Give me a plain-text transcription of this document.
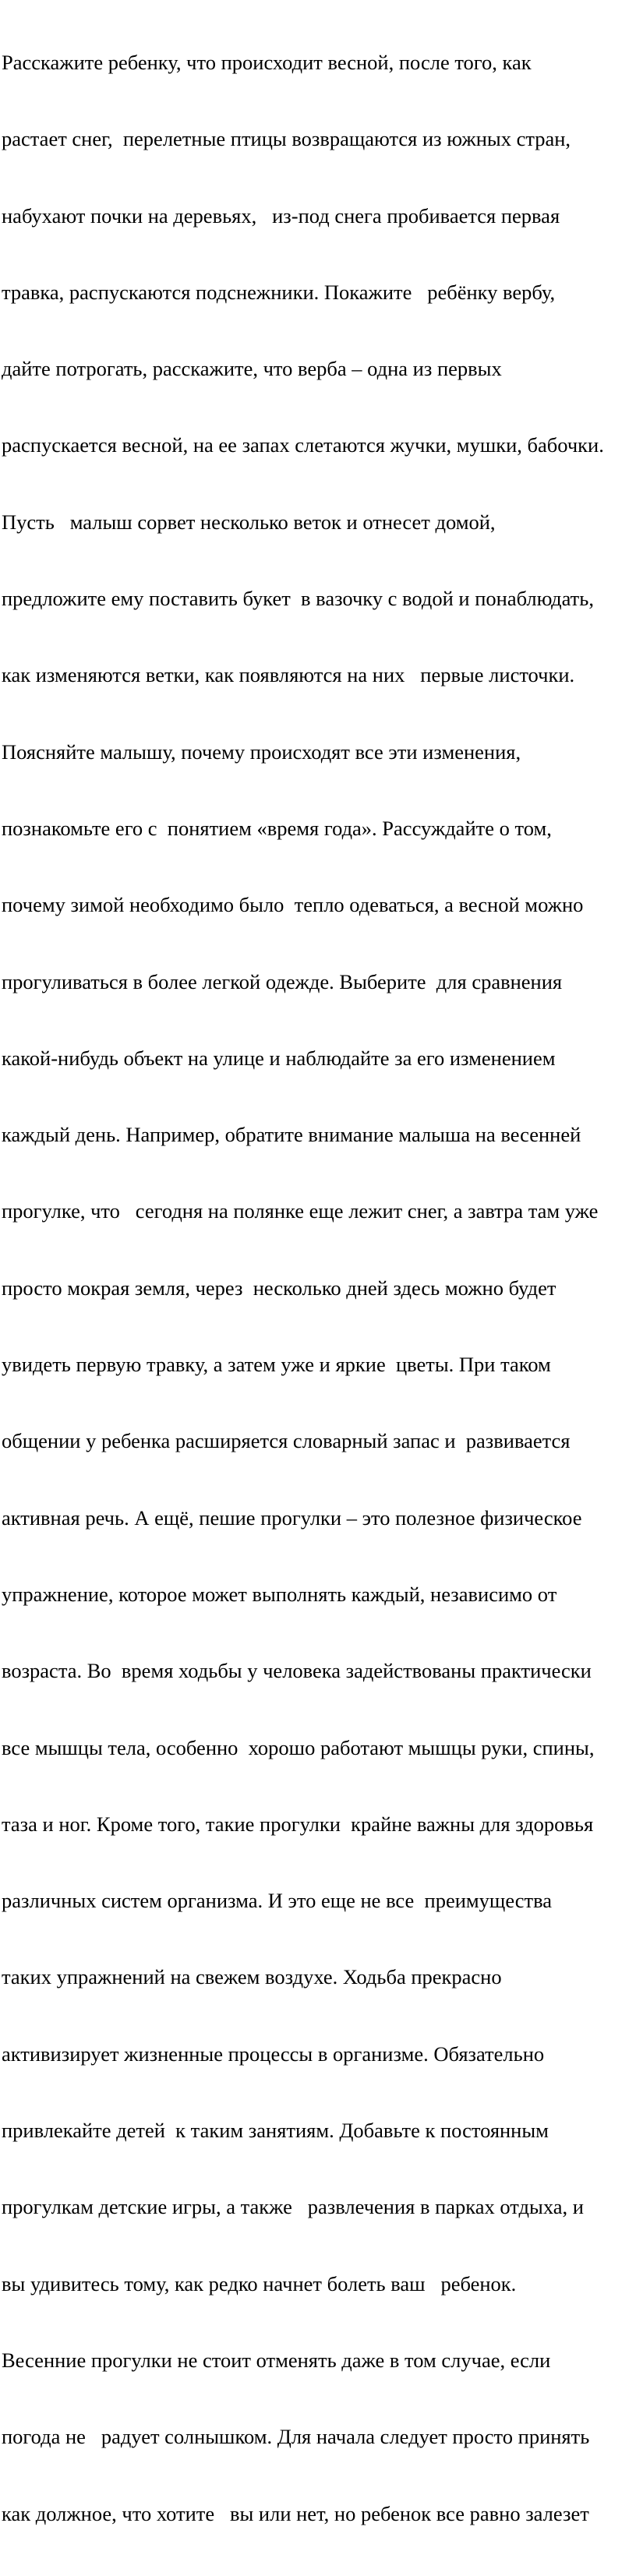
Расскажите ребенку, что происходит весной, после того, как

растает снег,  перелетные птицы возвращаются из южных стран,

набухают почки на деревьях,   из-под снега пробивается первая

травка, распускаются подснежники. Покажите   ребёнку вербу,

дайте потрогать, расскажите, что верба – одна из первых

распускается весной, на ее запах слетаются жучки, мушки, бабочки.

Пусть   малыш сорвет несколько веток и отнесет домой,

предложите ему поставить букет  в вазочку с водой и понаблюдать,

как изменяются ветки, как появляются на них   первые листочки.

Поясняйте малышу, почему происходят все эти изменения,

познакомьте его с  понятием «время года». Рассуждайте о том,

почему зимой необходимо было  тепло одеваться, а весной можно

прогуливаться в более легкой одежде. Выберите  для сравнения

какой-нибудь объект на улице и наблюдайте за его изменением

каждый день. Например, обратите внимание малыша на весенней

прогулке, что   сегодня на полянке еще лежит снег, а завтра там уже

просто мокрая земля, через  несколько дней здесь можно будет

увидеть первую травку, а затем уже и яркие  цветы. При таком

общении у ребенка расширяется словарный запас и  развивается

активная речь. А ещё, пешие прогулки – это полезное физическое

упражнение, которое может выполнять каждый, независимо от

возраста. Во  время ходьбы у человека задействованы практически

все мышцы тела, особенно  хорошо работают мышцы руки, спины,

таза и ног. Кроме того, такие прогулки  крайне важны для здоровья

различных систем организма. И это еще не все  преимущества

таких упражнений на свежем воздухе. Ходьба прекрасно

активизирует жизненные процессы в организме. Обязательно

привлекайте детей  к таким занятиям. Добавьте к постоянным

прогулкам детские игры, а также   развлечения в парках отдыха, и

вы удивитесь тому, как редко начнет болеть ваш   ребенок.

Весенние прогулки не стоит отменять даже в том случае, если

погода не   радует солнышком. Для начала следует просто принять

как должное, что хотите   вы или нет, но ребенок все равно залезет
